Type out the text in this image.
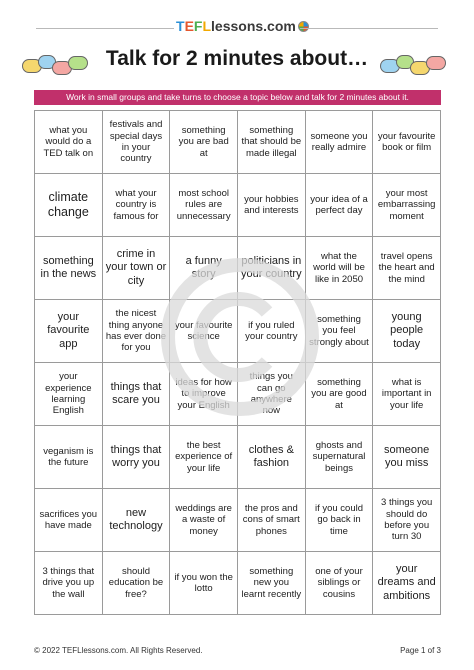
TEFLlessons.com
Talk for 2 minutes about…
Work in small groups and take turns to choose a topic below and talk for 2 minutes about it.
what you would do a TED talk on
festivals and special days in your country
something you are bad at
something that should be made illegal
someone you really admire
your favourite book or film
climate change
what your country is famous for
most school rules are unnecessary
your hobbies and interests
your idea of a perfect day
your most embarrassing moment
something in the news
crime in your town or city
a funny story
politicians in your country
what the world will be like in 2050
travel opens the heart and the mind
your favourite app
the nicest thing anyone has ever done for you
your favourite science
if you ruled your country
something you feel strongly about
young people today
your experience learning English
things that scare you
ideas for how to improve your English
things you can go anywhere now
something you are good at
what is important in your life
veganism is the future
things that worry you
the best experience of your life
clothes & fashion
ghosts and supernatural beings
someone you miss
sacrifices you have made
new technology
weddings are a waste of money
the pros and cons of smart phones
if you could go back in time
3 things you should do before you turn 30
3 things that drive you up the wall
should education be free?
if you won the lotto
something new you learnt recently
one of your siblings or cousins
your dreams and ambitions
© 2022 TEFLlessons.com. All Rights Reserved.	Page 1 of 3
